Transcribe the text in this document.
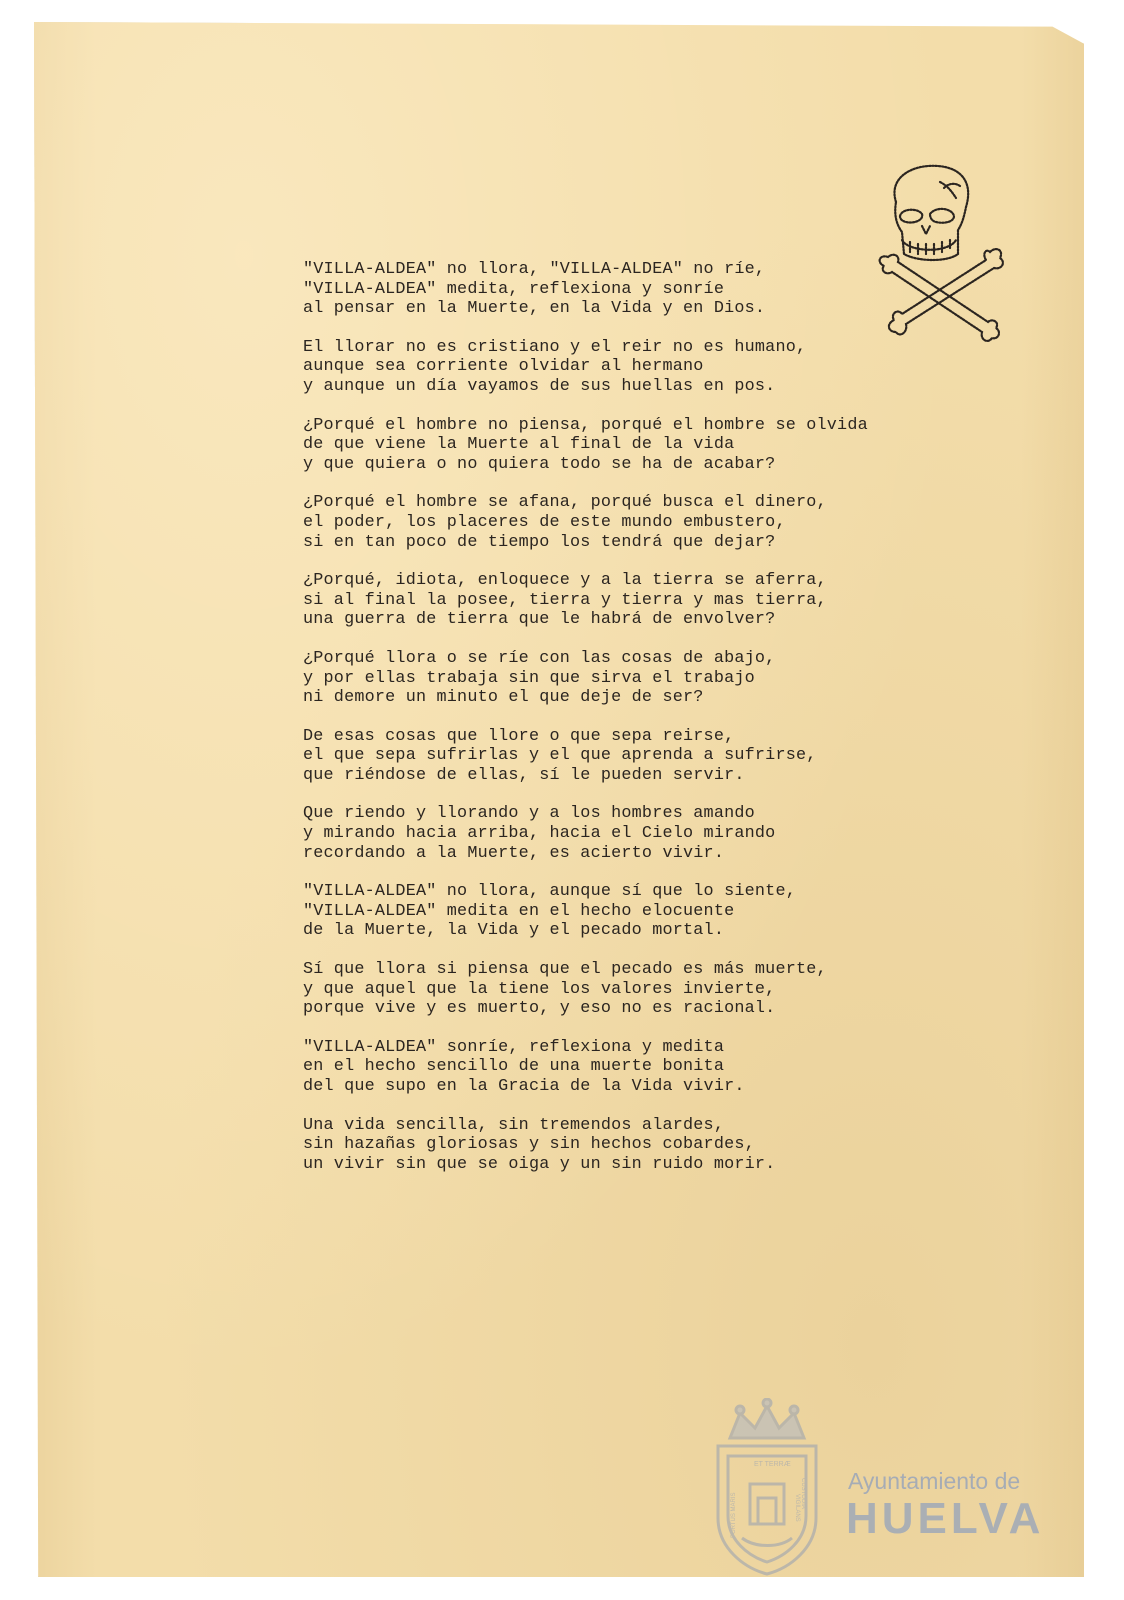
"VILLA-ALDEA" no llora, "VILLA-ALDEA" no ríe,
"VILLA-ALDEA" medita, reflexiona y sonríe
al pensar en la Muerte, en la Vida y en Dios.
El llorar no es cristiano y el reir no es humano,
aunque sea corriente olvidar al hermano
y aunque un día vayamos de sus huellas en pos.
¿Porqué el hombre no piensa, porqué el hombre se olvida
de que viene la Muerte al final de la vida
y que quiera o no quiera todo se ha de acabar?
¿Porqué el hombre se afana, porqué busca el dinero,
el poder, los placeres de este mundo embustero,
si en tan poco de tiempo los tendrá que dejar?
¿Porqué, idiota, enloquece y a la tierra se aferra,
si al final la posee, tierra y tierra y mas tierra,
una guerra de tierra que le habrá de envolver?
¿Porqué llora o se ríe con las cosas de abajo,
y por ellas trabaja sin que sirva el trabajo
ni demore un minuto el que deje de ser?
De esas cosas que llore o que sepa reirse,
el que sepa sufrirlas y el que aprenda a sufrirse,
que riéndose de ellas, sí le pueden servir.
Que riendo y llorando y a los hombres amando
y mirando hacia arriba, hacia el Cielo mirando
recordando a la Muerte, es acierto vivir.
"VILLA-ALDEA" no llora, aunque sí que lo siente,
"VILLA-ALDEA" medita en el hecho elocuente
de la Muerte, la Vida y el pecado mortal.
Sí que llora si piensa que el pecado es más muerte,
y que aquel que la tiene los valores invierte,
porque vive y es muerto, y eso no es racional.
"VILLA-ALDEA" sonríe, reflexiona y medita
en el hecho sencillo de una muerte bonita
del que supo en la Gracia de la Vida vivir.
Una vida sencilla, sin tremendos alardes,
sin hazañas gloriosas y sin hechos cobardes,
un vivir sin que se oiga y un sin ruido morir.
ET TERRÆ
PORTUS MARIS	CUSTODIA
VIGILANS
Ayuntamiento de
HUELVA
